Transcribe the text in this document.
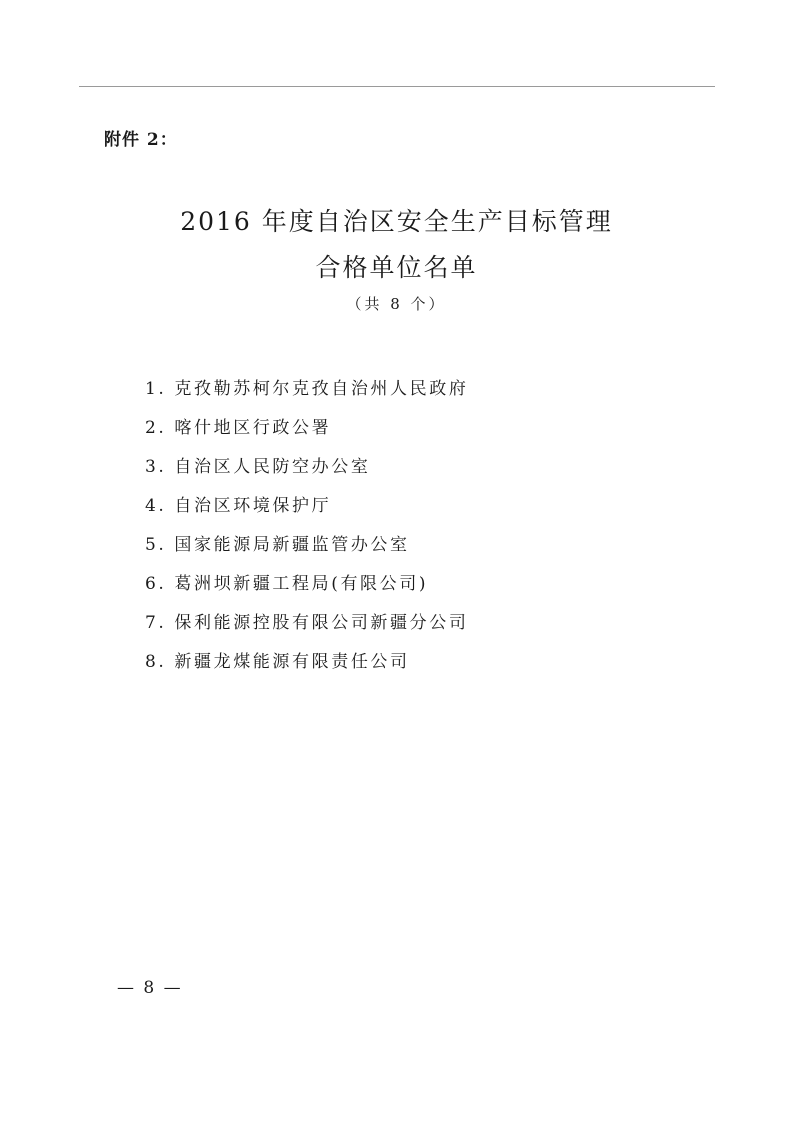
附件 2：
2016 年度自治区安全生产目标管理
合格单位名单
（共 8 个）
1. 克孜勒苏柯尔克孜自治州人民政府
2. 喀什地区行政公署
3. 自治区人民防空办公室
4. 自治区环境保护厅
5. 国家能源局新疆监管办公室
6. 葛洲坝新疆工程局(有限公司)
7. 保利能源控股有限公司新疆分公司
8. 新疆龙煤能源有限责任公司
— 8 —
